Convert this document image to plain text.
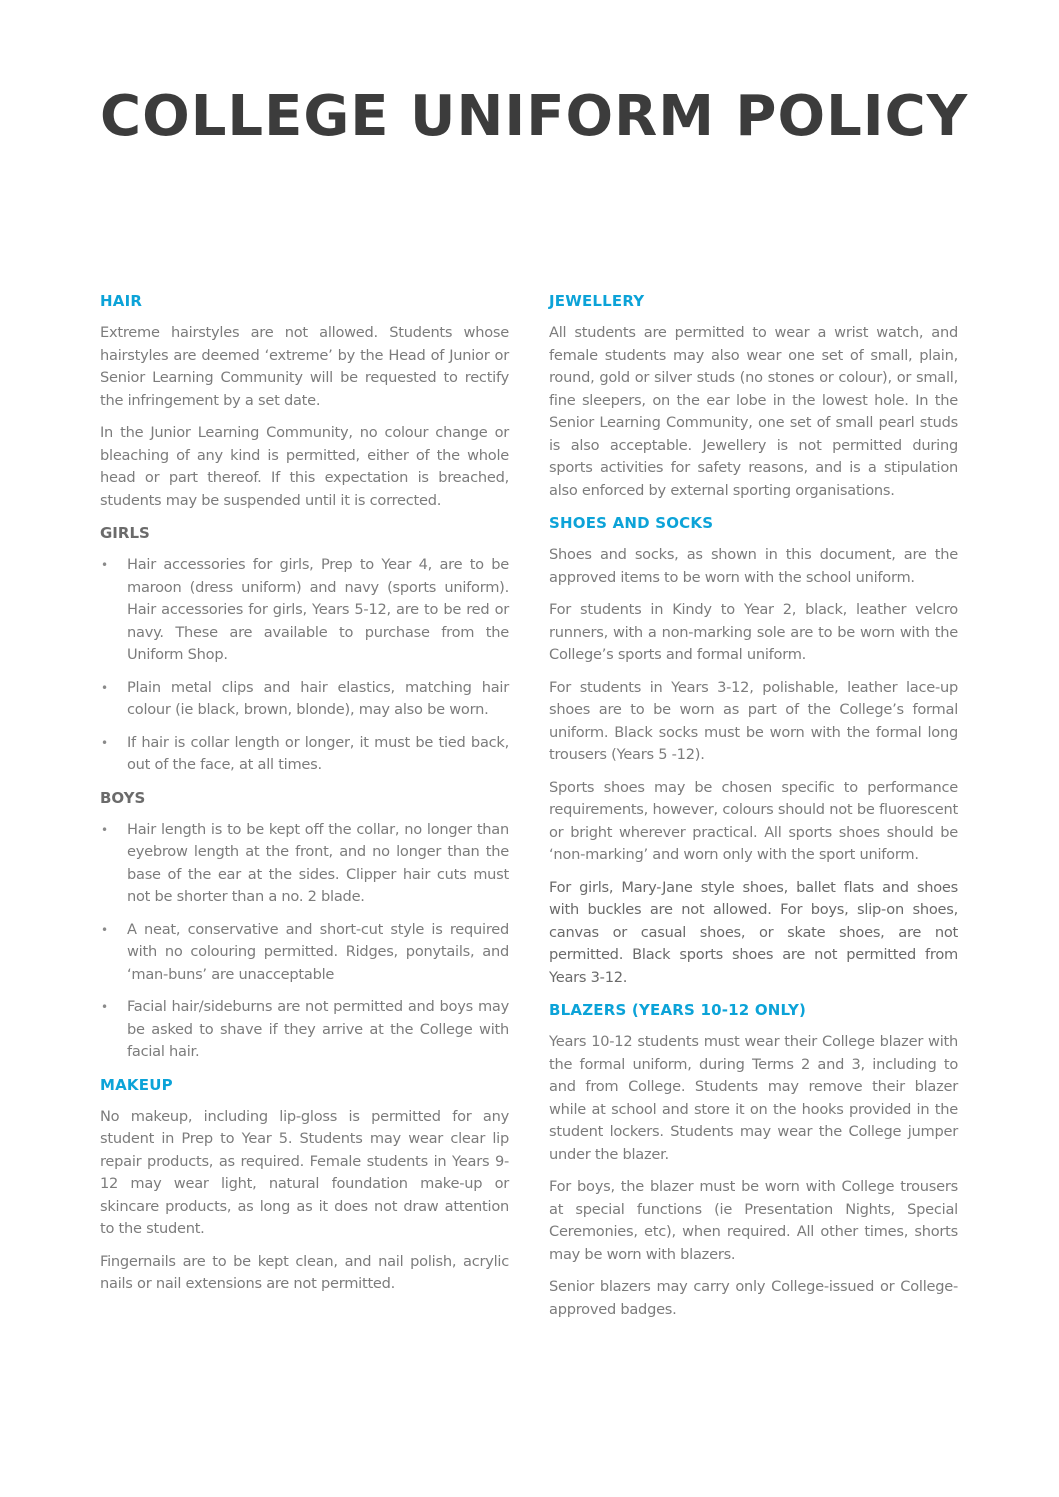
COLLEGE UNIFORM POLICY
HAIR

Extreme hairstyles are not allowed. Students whose hairstyles are deemed ‘extreme’ by the Head of Junior or Senior Learning Community will be requested to rectify the infringement by a set date.

In the Junior Learning Community, no colour change or bleaching of any kind is permitted, either of the whole head or part thereof. If this expectation is breached, students may be suspended until it is corrected.

GIRLS
• Hair accessories for girls, Prep to Year 4, are to be maroon (dress uniform) and navy (sports uniform). Hair accessories for girls, Years 5-12, are to be red or navy. These are available to purchase from the Uniform Shop.
• Plain metal clips and hair elastics, matching hair colour (ie black, brown, blonde), may also be worn.
• If hair is collar length or longer, it must be tied back, out of the face, at all times.
BOYS
• Hair length is to be kept off the collar, no longer than eyebrow length at the front, and no longer than the base of the ear at the sides. Clipper hair cuts must not be shorter than a no. 2 blade.
• A neat, conservative and short-cut style is required with no colouring permitted. Ridges, ponytails, and ‘man-buns’ are unacceptable
• Facial hair/sideburns are not permitted and boys may be asked to shave if they arrive at the College with facial hair.
MAKEUP

No makeup, including lip-gloss is permitted for any student in Prep to Year 5. Students may wear clear lip repair products, as required. Female students in Years 9-12 may wear light, natural foundation make-up or skincare products, as long as it does not draw attention to the student.

Fingernails are to be kept clean, and nail polish, acrylic nails or nail extensions are not permitted.

JEWELLERY

All students are permitted to wear a wrist watch, and female students may also wear one set of small, plain, round, gold or silver studs (no stones or colour), or small, fine sleepers, on the ear lobe in the lowest hole. In the Senior Learning Community, one set of small pearl studs is also acceptable. Jewellery is not permitted during sports activities for safety reasons, and is a stipulation also enforced by external sporting organisations.

SHOES AND SOCKS

Shoes and socks, as shown in this document, are the approved items to be worn with the school uniform.

For students in Kindy to Year 2, black, leather velcro runners, with a non-marking sole are to be worn with the College’s sports and formal uniform.

For students in Years 3-12, polishable, leather lace-up shoes are to be worn as part of the College’s formal uniform. Black socks must be worn with the formal long trousers (Years 5 -12).

Sports shoes may be chosen specific to performance requirements, however, colours should not be fluorescent or bright wherever practical. All sports shoes should be ‘non-marking’ and worn only with the sport uniform.

For girls, Mary-Jane style shoes, ballet flats and shoes with buckles are not allowed. For boys, slip-on shoes, canvas or casual shoes, or skate shoes, are not permitted. Black sports shoes are not permitted from Years 3-12.

BLAZERS (YEARS 10-12 ONLY)

Years 10-12 students must wear their College blazer with the formal uniform, during Terms 2 and 3, including to and from College. Students may remove their blazer while at school and store it on the hooks provided in the student lockers. Students may wear the College jumper under the blazer.

For boys, the blazer must be worn with College trousers at special functions (ie Presentation Nights, Special Ceremonies, etc), when required. All other times, shorts may be worn with blazers.

Senior blazers may carry only College-issued or College-approved badges.
